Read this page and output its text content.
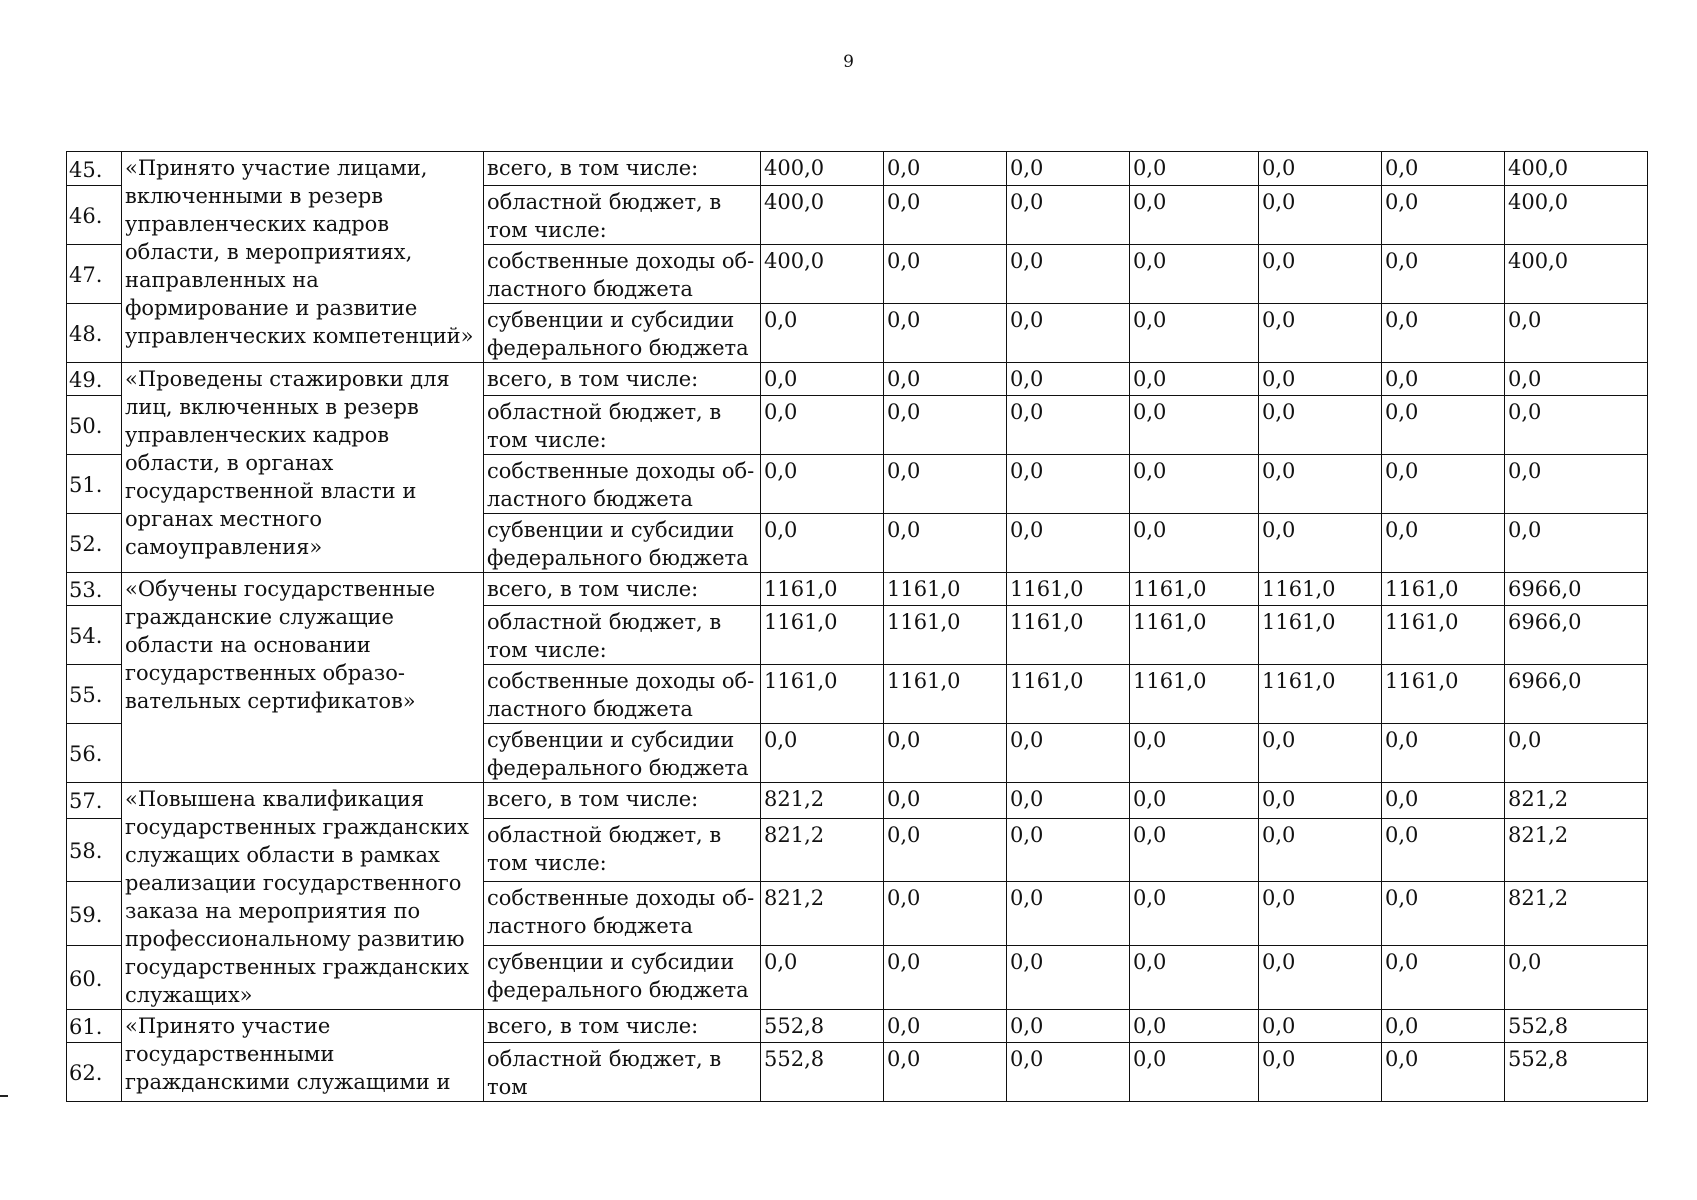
9
45.	«Принято участие лицами, включенными в резерв управленческих кадров области, в мероприятиях, направленных на формирование и развитие управленческих компетенций»	всего, в том числе:	400,0	0,0	0,0	0,0	0,0	0,0	400,0
46.		областной бюджет, в том числе:	400,0	0,0	0,0	0,0	0,0	0,0	400,0
47.		собственные доходы областного бюджета	400,0	0,0	0,0	0,0	0,0	0,0	400,0
48.		субвенции и субсидии федерального бюджета	0,0	0,0	0,0	0,0	0,0	0,0	0,0
49.	«Проведены стажировки для лиц, включенных в резерв управленческих кадров области, в органах государственной власти и органах местного самоуправления»	всего, в том числе:	0,0	0,0	0,0	0,0	0,0	0,0	0,0
50.		областной бюджет, в том числе:	0,0	0,0	0,0	0,0	0,0	0,0	0,0
51.		собственные доходы областного бюджета	0,0	0,0	0,0	0,0	0,0	0,0	0,0
52.		субвенции и субсидии федерального бюджета	0,0	0,0	0,0	0,0	0,0	0,0	0,0
53.	«Обучены государственные гражданские служащие области на основании государственных образовательных сертификатов»	всего, в том числе:	1161,0	1161,0	1161,0	1161,0	1161,0	1161,0	6966,0
54.		областной бюджет, в том числе:	1161,0	1161,0	1161,0	1161,0	1161,0	1161,0	6966,0
55.		собственные доходы областного бюджета	1161,0	1161,0	1161,0	1161,0	1161,0	1161,0	6966,0
56.		субвенции и субсидии федерального бюджета	0,0	0,0	0,0	0,0	0,0	0,0	0,0
57.	«Повышена квалификация государственных гражданских служащих области в рамках реализации государственного заказа на мероприятия по профессиональному развитию государственных гражданских служащих»	всего, в том числе:	821,2	0,0	0,0	0,0	0,0	0,0	821,2
58.		областной бюджет, в том числе:	821,2	0,0	0,0	0,0	0,0	0,0	821,2
59.		собственные доходы областного бюджета	821,2	0,0	0,0	0,0	0,0	0,0	821,2
60.		субвенции и субсидии федерального бюджета	0,0	0,0	0,0	0,0	0,0	0,0	0,0
61.	«Принято участие государственными гражданскими служащими и	всего, в том числе:	552,8	0,0	0,0	0,0	0,0	0,0	552,8
62.		областной бюджет, в том	552,8	0,0	0,0	0,0	0,0	0,0	552,8
